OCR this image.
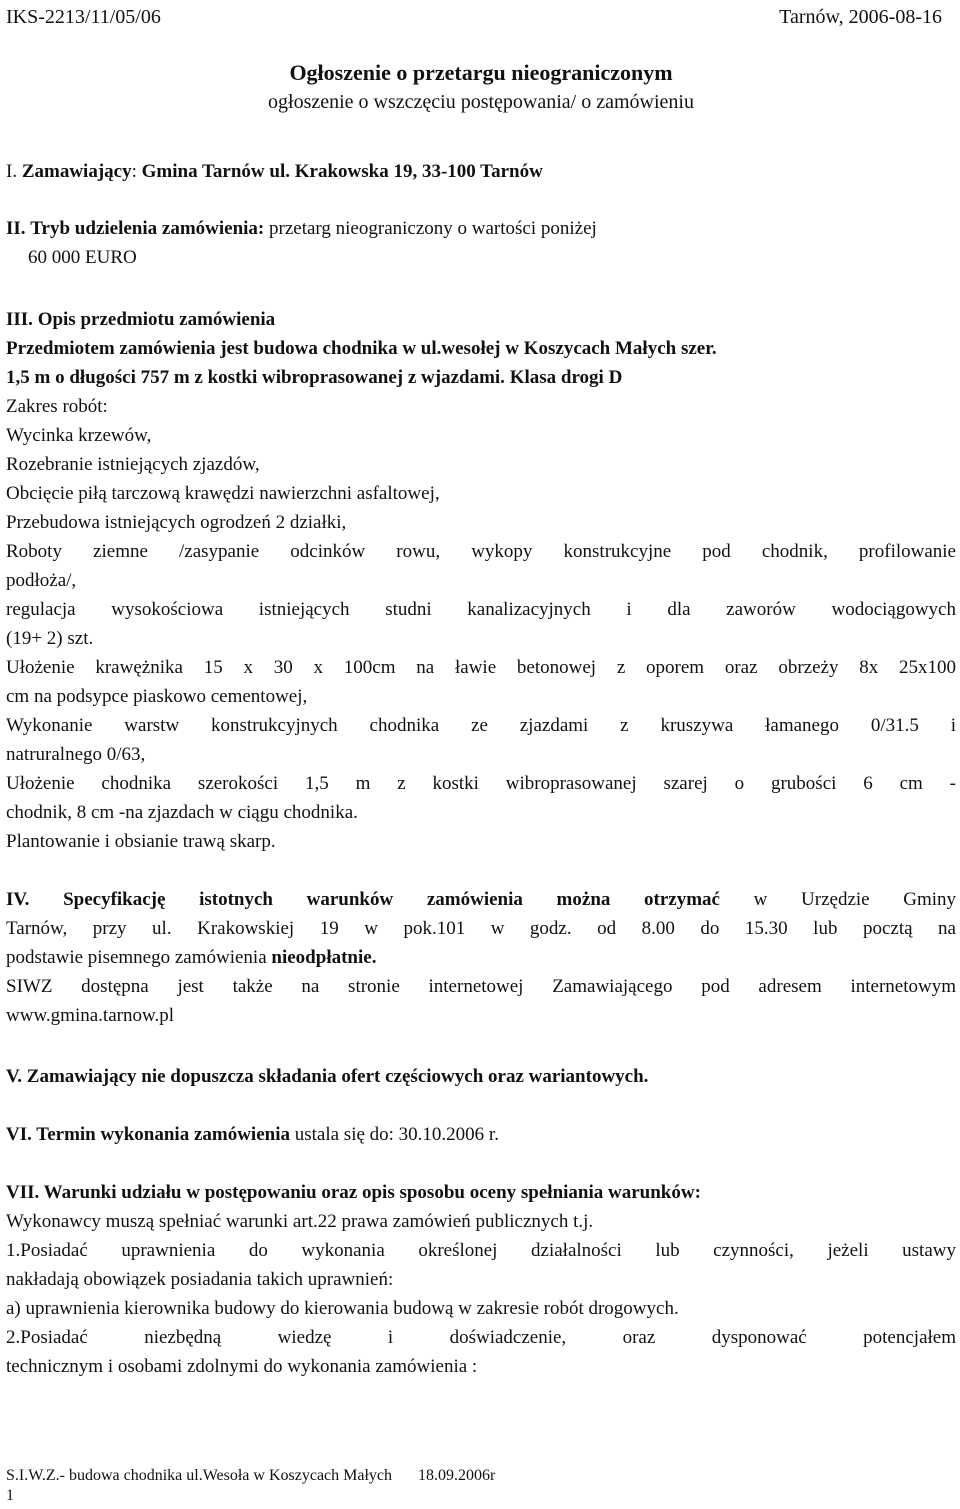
IKS-2213/11/05/06	Tarnów, 2006-08-16
Ogłoszenie o przetargu nieograniczonym
ogłoszenie o wszczęciu postępowania/ o zamówieniu

I. Zamawiający: Gmina Tarnów ul. Krakowska 19, 33-100 Tarnów

II. Tryb udzielenia zamówienia: przetarg nieograniczony o wartości poniżej

60 000 EURO

III. Opis przedmiotu zamówienia

Przedmiotem zamówienia jest budowa chodnika w ul.wesołej w Koszycach Małych szer.

1,5 m o długości 757 m z kostki wibroprasowanej z wjazdami. Klasa drogi D

Zakres robót:

Wycinka krzewów,

Rozebranie istniejących zjazdów,

Obcięcie piłą tarczową krawędzi nawierzchni asfaltowej,

Przebudowa istniejących ogrodzeń 2 działki,

Roboty ziemne /zasypanie odcinków rowu, wykopy konstrukcyjne pod chodnik, profilowanie

podłoża/,

regulacja wysokościowa istniejących studni kanalizacyjnych i dla zaworów wodociągowych

(19+ 2) szt.

Ułożenie krawężnika 15 x 30 x 100cm na ławie betonowej z oporem oraz obrzeży 8x 25x100

cm na podsypce piaskowo cementowej,

Wykonanie warstw konstrukcyjnych chodnika ze zjazdami z kruszywa łamanego 0/31.5 i

natruralnego 0/63,

Ułożenie chodnika szerokości 1,5 m z kostki wibroprasowanej szarej o grubości 6 cm -

chodnik, 8 cm -na zjazdach w ciągu chodnika.

Plantowanie i obsianie trawą skarp.

IV. Specyfikację istotnych warunków zamówienia można otrzymać w Urzędzie Gminy

Tarnów, przy ul. Krakowskiej 19 w pok.101 w godz. od 8.00 do 15.30 lub pocztą na

podstawie pisemnego zamówienia nieodpłatnie.

SIWZ dostępna jest także na stronie internetowej Zamawiającego pod adresem internetowym

www.gmina.tarnow.pl

V. Zamawiający nie dopuszcza składania ofert częściowych oraz wariantowych.

VI. Termin wykonania zamówienia ustala się do: 30.10.2006 r.

VII. Warunki udziału w postępowaniu oraz opis sposobu oceny spełniania warunków:

Wykonawcy muszą spełniać warunki art.22 prawa zamówień publicznych t.j.

1.Posiadać uprawnienia do wykonania określonej działalności lub czynności, jeżeli ustawy

nakładają obowiązek posiadania takich uprawnień:

a) uprawnienia kierownika budowy do kierowania budową w zakresie robót drogowych.

2.Posiadać niezbędną wiedzę i doświadczenie, oraz dysponować potencjałem

technicznym i osobami zdolnymi do wykonania zamówienia :

S.I.W.Z.- budowa chodnika ul.Wesoła w Koszycach Małych 18.09.2006r
1
